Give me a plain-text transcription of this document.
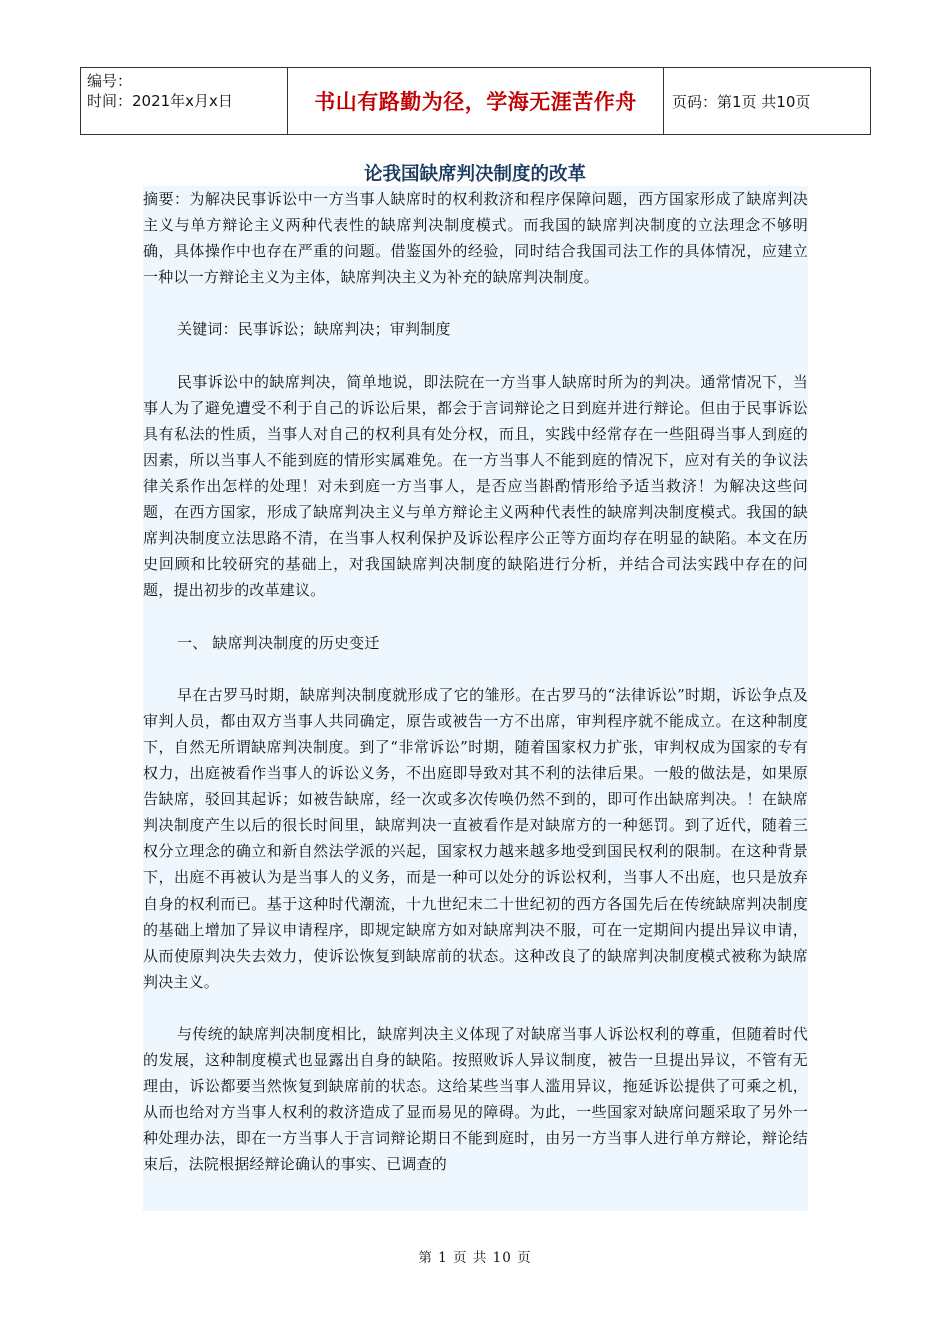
编号：
时间：2021年x月x日	书山有路勤为径，学海无涯苦作舟	页码：第1页 共10页
论我国缺席判决制度的改革

摘要：为解决民事诉讼中一方当事人缺席时的权利救济和程序保障问题，西方国家形成了缺席判决主义与单方辩论主义两种代表性的缺席判决制度模式。而我国的缺席判决制度的立法理念不够明确，具体操作中也存在严重的问题。借鉴国外的经验，同时结合我国司法工作的具体情况，应建立一种以一方辩论主义为主体，缺席判决主义为补充的缺席判决制度。

关键词：民事诉讼；缺席判决；审判制度

民事诉讼中的缺席判决，简单地说，即法院在一方当事人缺席时所为的判决。通常情况下，当事人为了避免遭受不利于自己的诉讼后果，都会于言词辩论之日到庭并进行辩论。但由于民事诉讼具有私法的性质，当事人对自己的权利具有处分权，而且，实践中经常存在一些阻碍当事人到庭的因素，所以当事人不能到庭的情形实属难免。在一方当事人不能到庭的情况下，应对有关的争议法律关系作出怎样的处理！对未到庭一方当事人，是否应当斟酌情形给予适当救济！为解决这些问题，在西方国家，形成了缺席判决主义与单方辩论主义两种代表性的缺席判决制度模式。我国的缺席判决制度立法思路不清，在当事人权利保护及诉讼程序公正等方面均存在明显的缺陷。本文在历史回顾和比较研究的基础上，对我国缺席判决制度的缺陷进行分析，并结合司法实践中存在的问题，提出初步的改革建议。

一、 缺席判决制度的历史变迁

早在古罗马时期，缺席判决制度就形成了它的雏形。在古罗马的“法律诉讼”时期，诉讼争点及审判人员，都由双方当事人共同确定，原告或被告一方不出席，审判程序就不能成立。在这种制度下，自然无所谓缺席判决制度。到了“非常诉讼”时期，随着国家权力扩张，审判权成为国家的专有权力，出庭被看作当事人的诉讼义务，不出庭即导致对其不利的法律后果。一般的做法是，如果原告缺席，驳回其起诉；如被告缺席，经一次或多次传唤仍然不到的，即可作出缺席判决。！在缺席判决制度产生以后的很长时间里，缺席判决一直被看作是对缺席方的一种惩罚。到了近代，随着三权分立理念的确立和新自然法学派的兴起，国家权力越来越多地受到国民权利的限制。在这种背景下，出庭不再被认为是当事人的义务，而是一种可以处分的诉讼权利，当事人不出庭，也只是放弃自身的权利而已。基于这种时代潮流，十九世纪末二十世纪初的西方各国先后在传统缺席判决制度的基础上增加了异议申请程序，即规定缺席方如对缺席判决不服，可在一定期间内提出异议申请，从而使原判决失去效力，使诉讼恢复到缺席前的状态。这种改良了的缺席判决制度模式被称为缺席判决主义。

与传统的缺席判决制度相比，缺席判决主义体现了对缺席当事人诉讼权利的尊重，但随着时代的发展，这种制度模式也显露出自身的缺陷。按照败诉人异议制度，被告一旦提出异议，不管有无理由，诉讼都要当然恢复到缺席前的状态。这给某些当事人滥用异议，拖延诉讼提供了可乘之机，从而也给对方当事人权利的救济造成了显而易见的障碍。为此，一些国家对缺席问题采取了另外一种处理办法，即在一方当事人于言词辩论期日不能到庭时，由另一方当事人进行单方辩论，辩论结束后，法院根据经辩论确认的事实、已调查的

第 1 页 共 10 页
